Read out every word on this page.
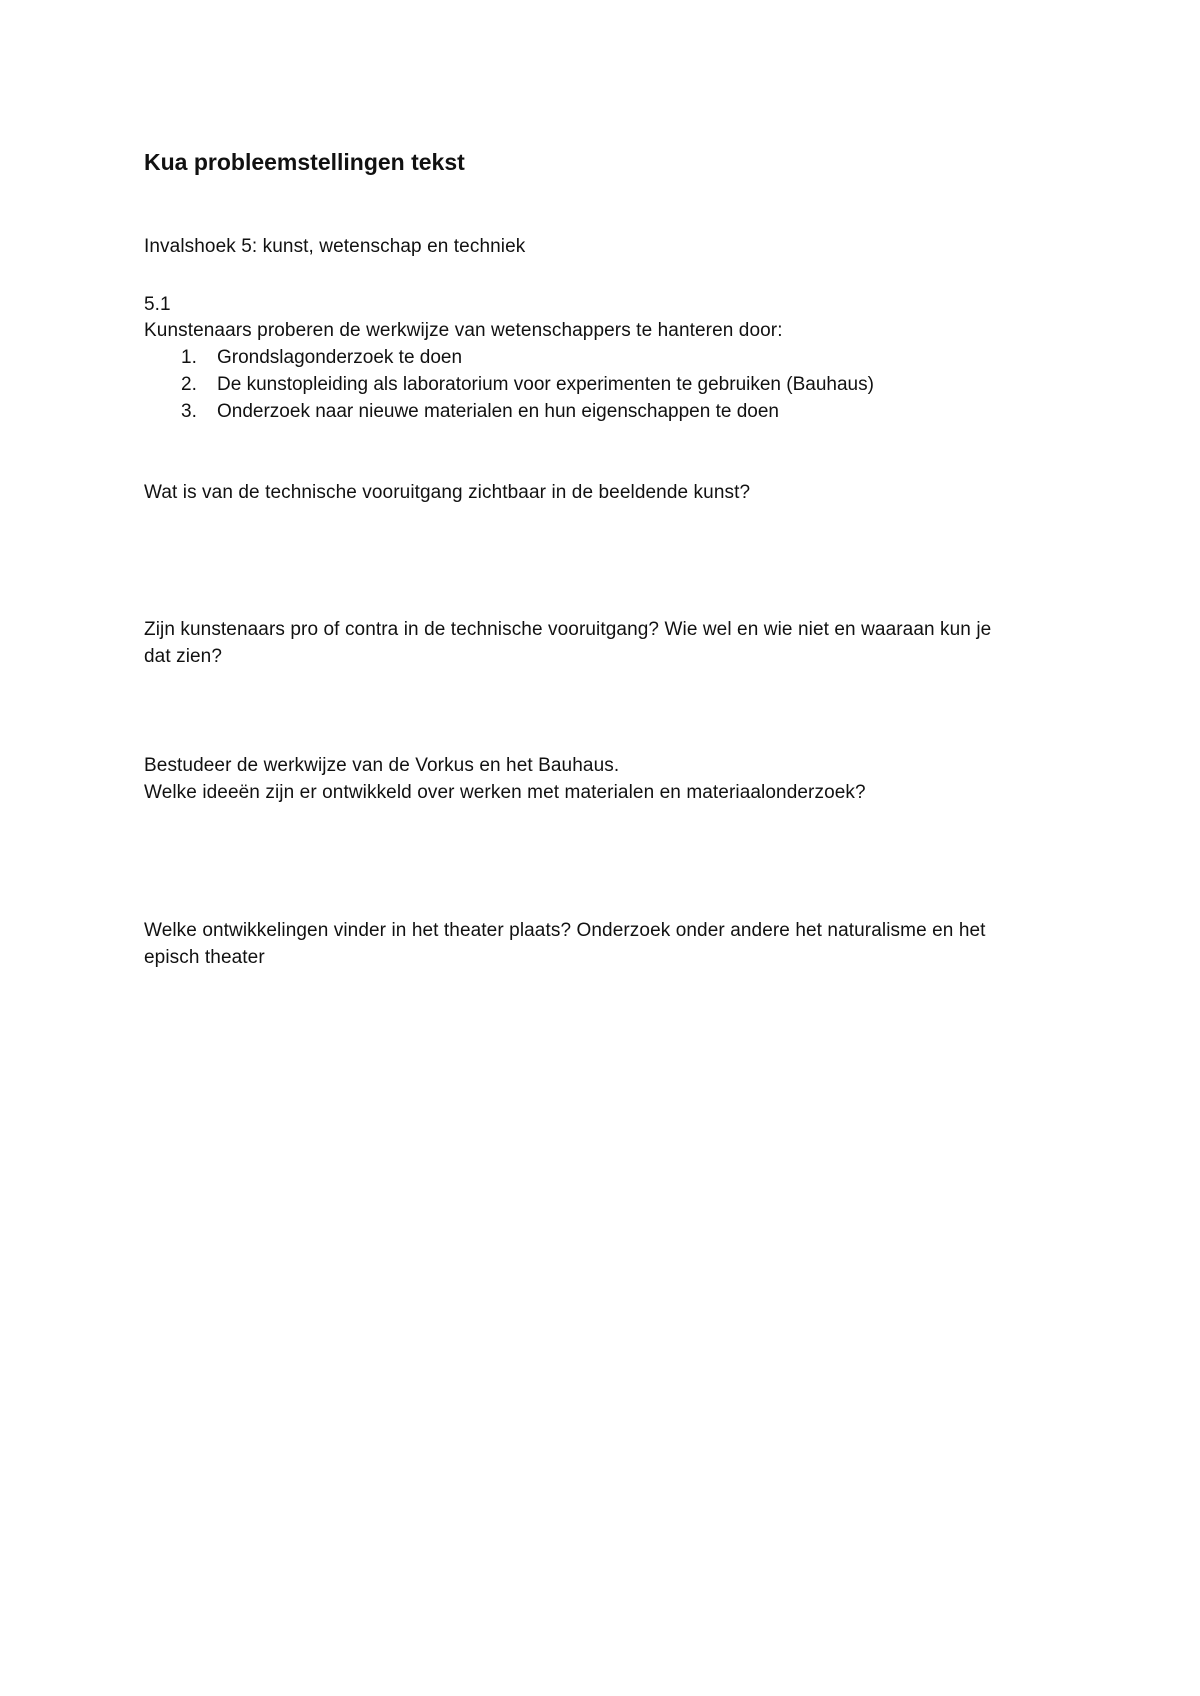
Kua probleemstellingen tekst
Invalshoek 5: kunst, wetenschap en techniek
5.1
Kunstenaars proberen de werkwijze van wetenschappers te hanteren door:
1. Grondslagonderzoek te doen
2. De kunstopleiding als laboratorium voor experimenten te gebruiken (Bauhaus)
3. Onderzoek naar nieuwe materialen en hun eigenschappen te doen
Wat is van de technische vooruitgang zichtbaar in de beeldende kunst?
Zijn kunstenaars pro of contra in de technische vooruitgang? Wie wel en wie niet en waaraan kun je
dat zien?
Bestudeer de werkwijze van de Vorkus en het Bauhaus.
Welke ideeën zijn er ontwikkeld over werken met materialen en materiaalonderzoek?
Welke ontwikkelingen vinder in het theater plaats? Onderzoek onder andere het naturalisme en het
episch theater
